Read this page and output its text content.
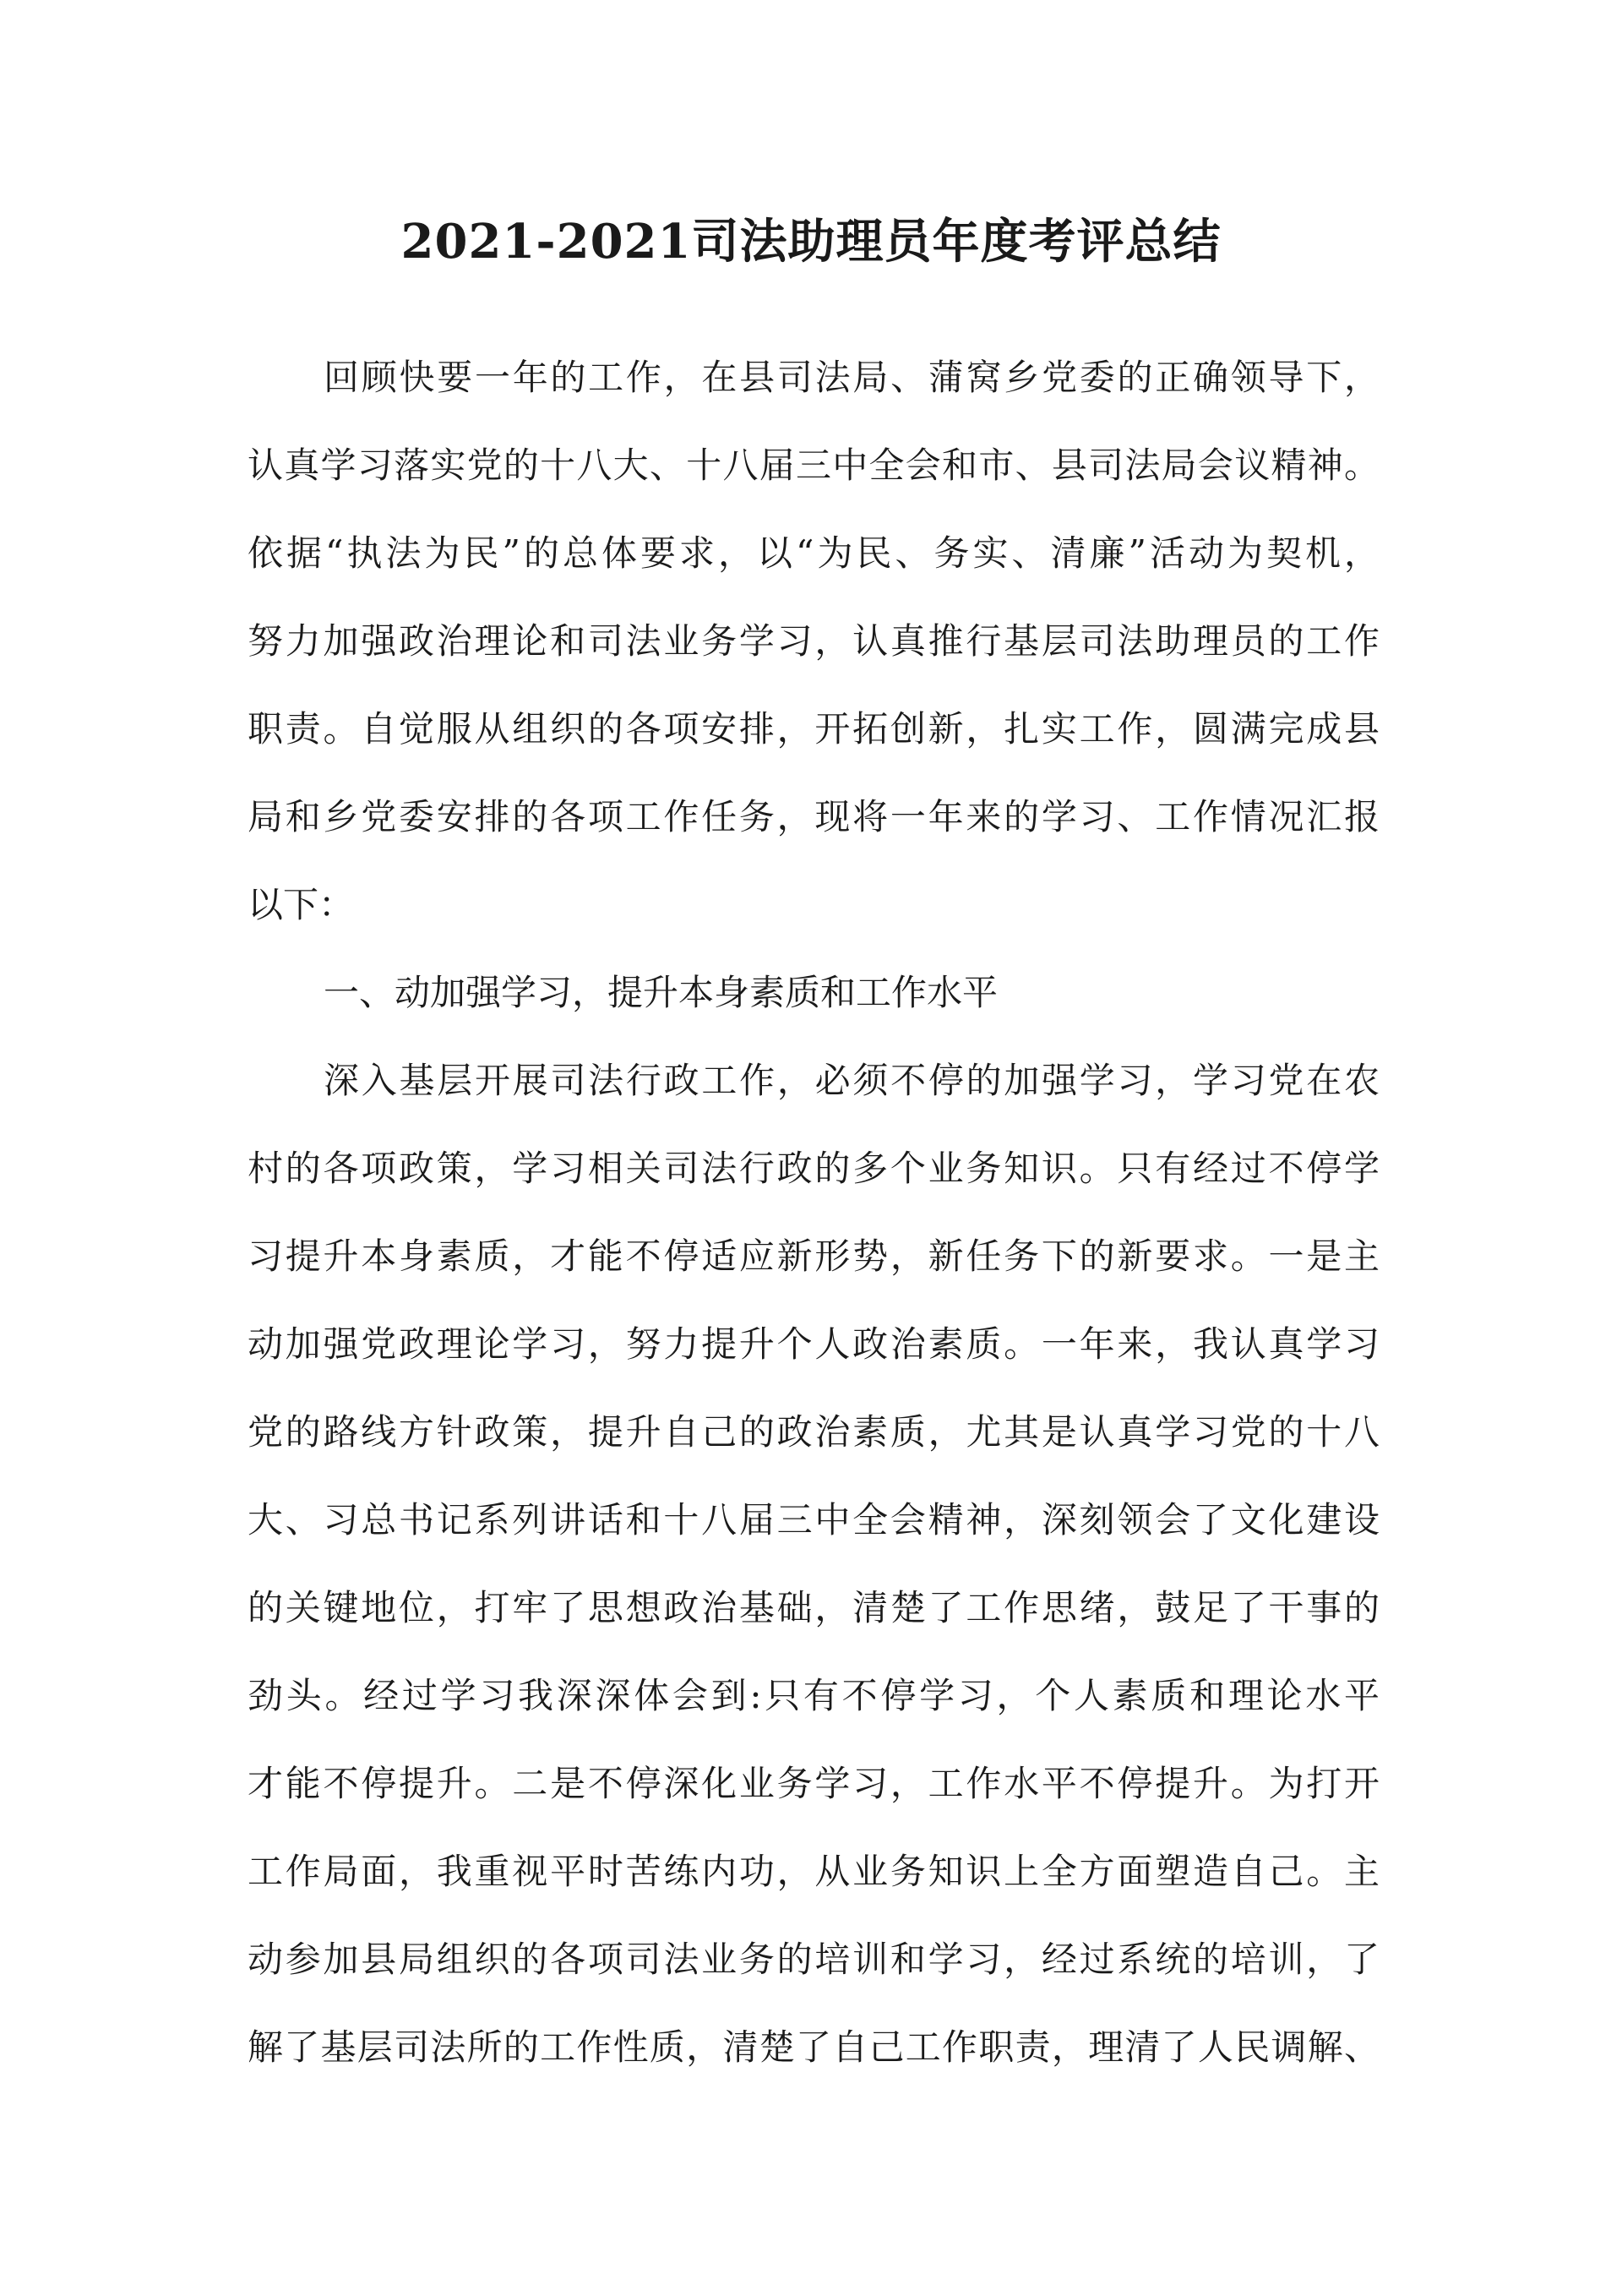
2021-2021司法助理员年度考评总结
回顾快要一年的工作，在县司法局、蒲窝乡党委的正确领导下，
认真学习落实党的十八大、十八届三中全会和市、县司法局会议精神。
依据“执法为民”的总体要求，以“为民、务实、清廉”活动为契机，
努力加强政治理论和司法业务学习，认真推行基层司法助理员的工作
职责。自觉服从组织的各项安排，开拓创新，扎实工作，圆满完成县
局和乡党委安排的各项工作任务，现将一年来的学习、工作情况汇报
以下：
一、动加强学习，提升本身素质和工作水平
深入基层开展司法行政工作，必须不停的加强学习，学习党在农
村的各项政策，学习相关司法行政的多个业务知识。只有经过不停学
习提升本身素质，才能不停适应新形势，新任务下的新要求。一是主
动加强党政理论学习，努力提升个人政治素质。一年来，我认真学习
党的路线方针政策，提升自己的政治素质，尤其是认真学习党的十八
大、习总书记系列讲话和十八届三中全会精神，深刻领会了文化建设
的关键地位，打牢了思想政治基础，清楚了工作思绪，鼓足了干事的
劲头。经过学习我深深体会到:只有不停学习，个人素质和理论水平
才能不停提升。二是不停深化业务学习，工作水平不停提升。为打开
工作局面，我重视平时苦练内功，从业务知识上全方面塑造自己。主
动参加县局组织的各项司法业务的培训和学习，经过系统的培训，了
解了基层司法所的工作性质，清楚了自己工作职责，理清了人民调解、
